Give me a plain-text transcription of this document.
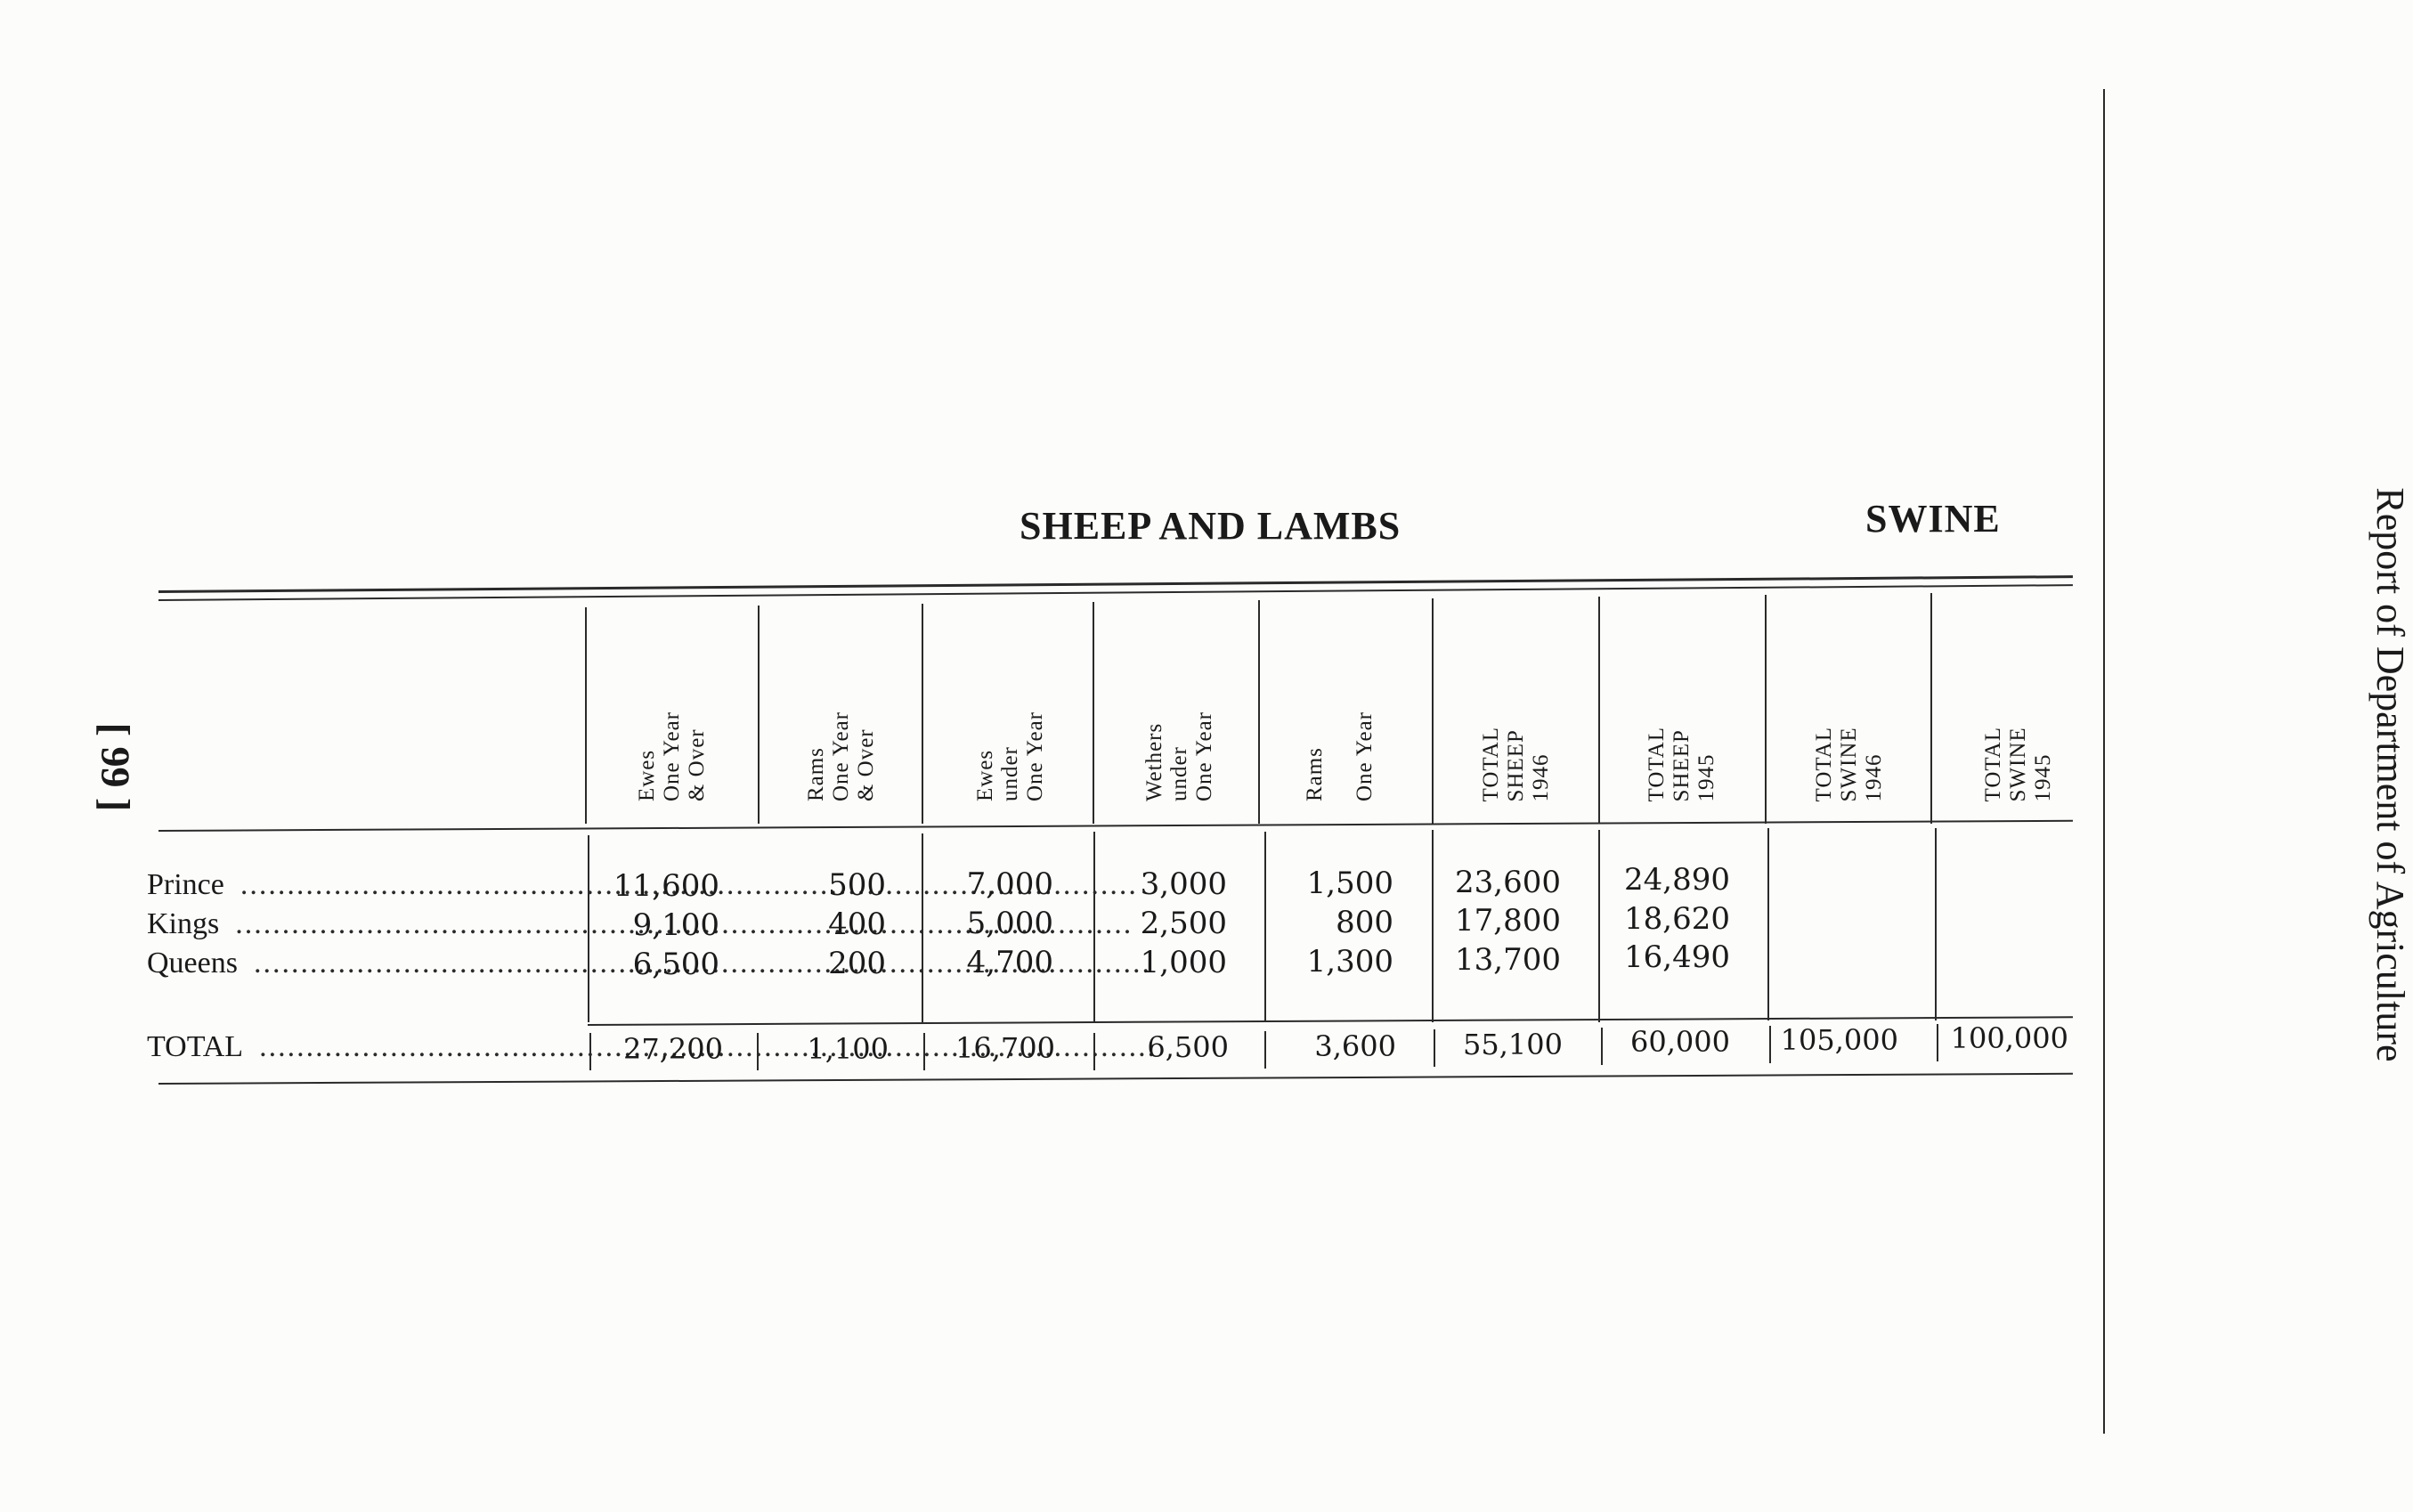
[ 99 ]	Report of Department of Agriculture
SHEEP AND LAMBS	SWINE
Ewes
One Year
& Over	Rams
One Year
& Over	Ewes
under
One Year	Wethers
under
One Year
Rams

One Year	TOTAL
SHEEP
1946	TOTAL
SHEEP
1945	TOTAL
SWINE
1946	TOTAL
SWINE
1945
Prince .....	11,600	500	7,000	3,000	1,500	23,600	24,890
Kings .....	9,100	400	5,000	2,500	800	17,800	18,620
Queens .....	6,500	200	4,700	1,000	1,300	13,700	16,490
TOTAL .....	27,200	1,100	16,700	6,500	3,600	55,100	60,000	105,000	100,000
